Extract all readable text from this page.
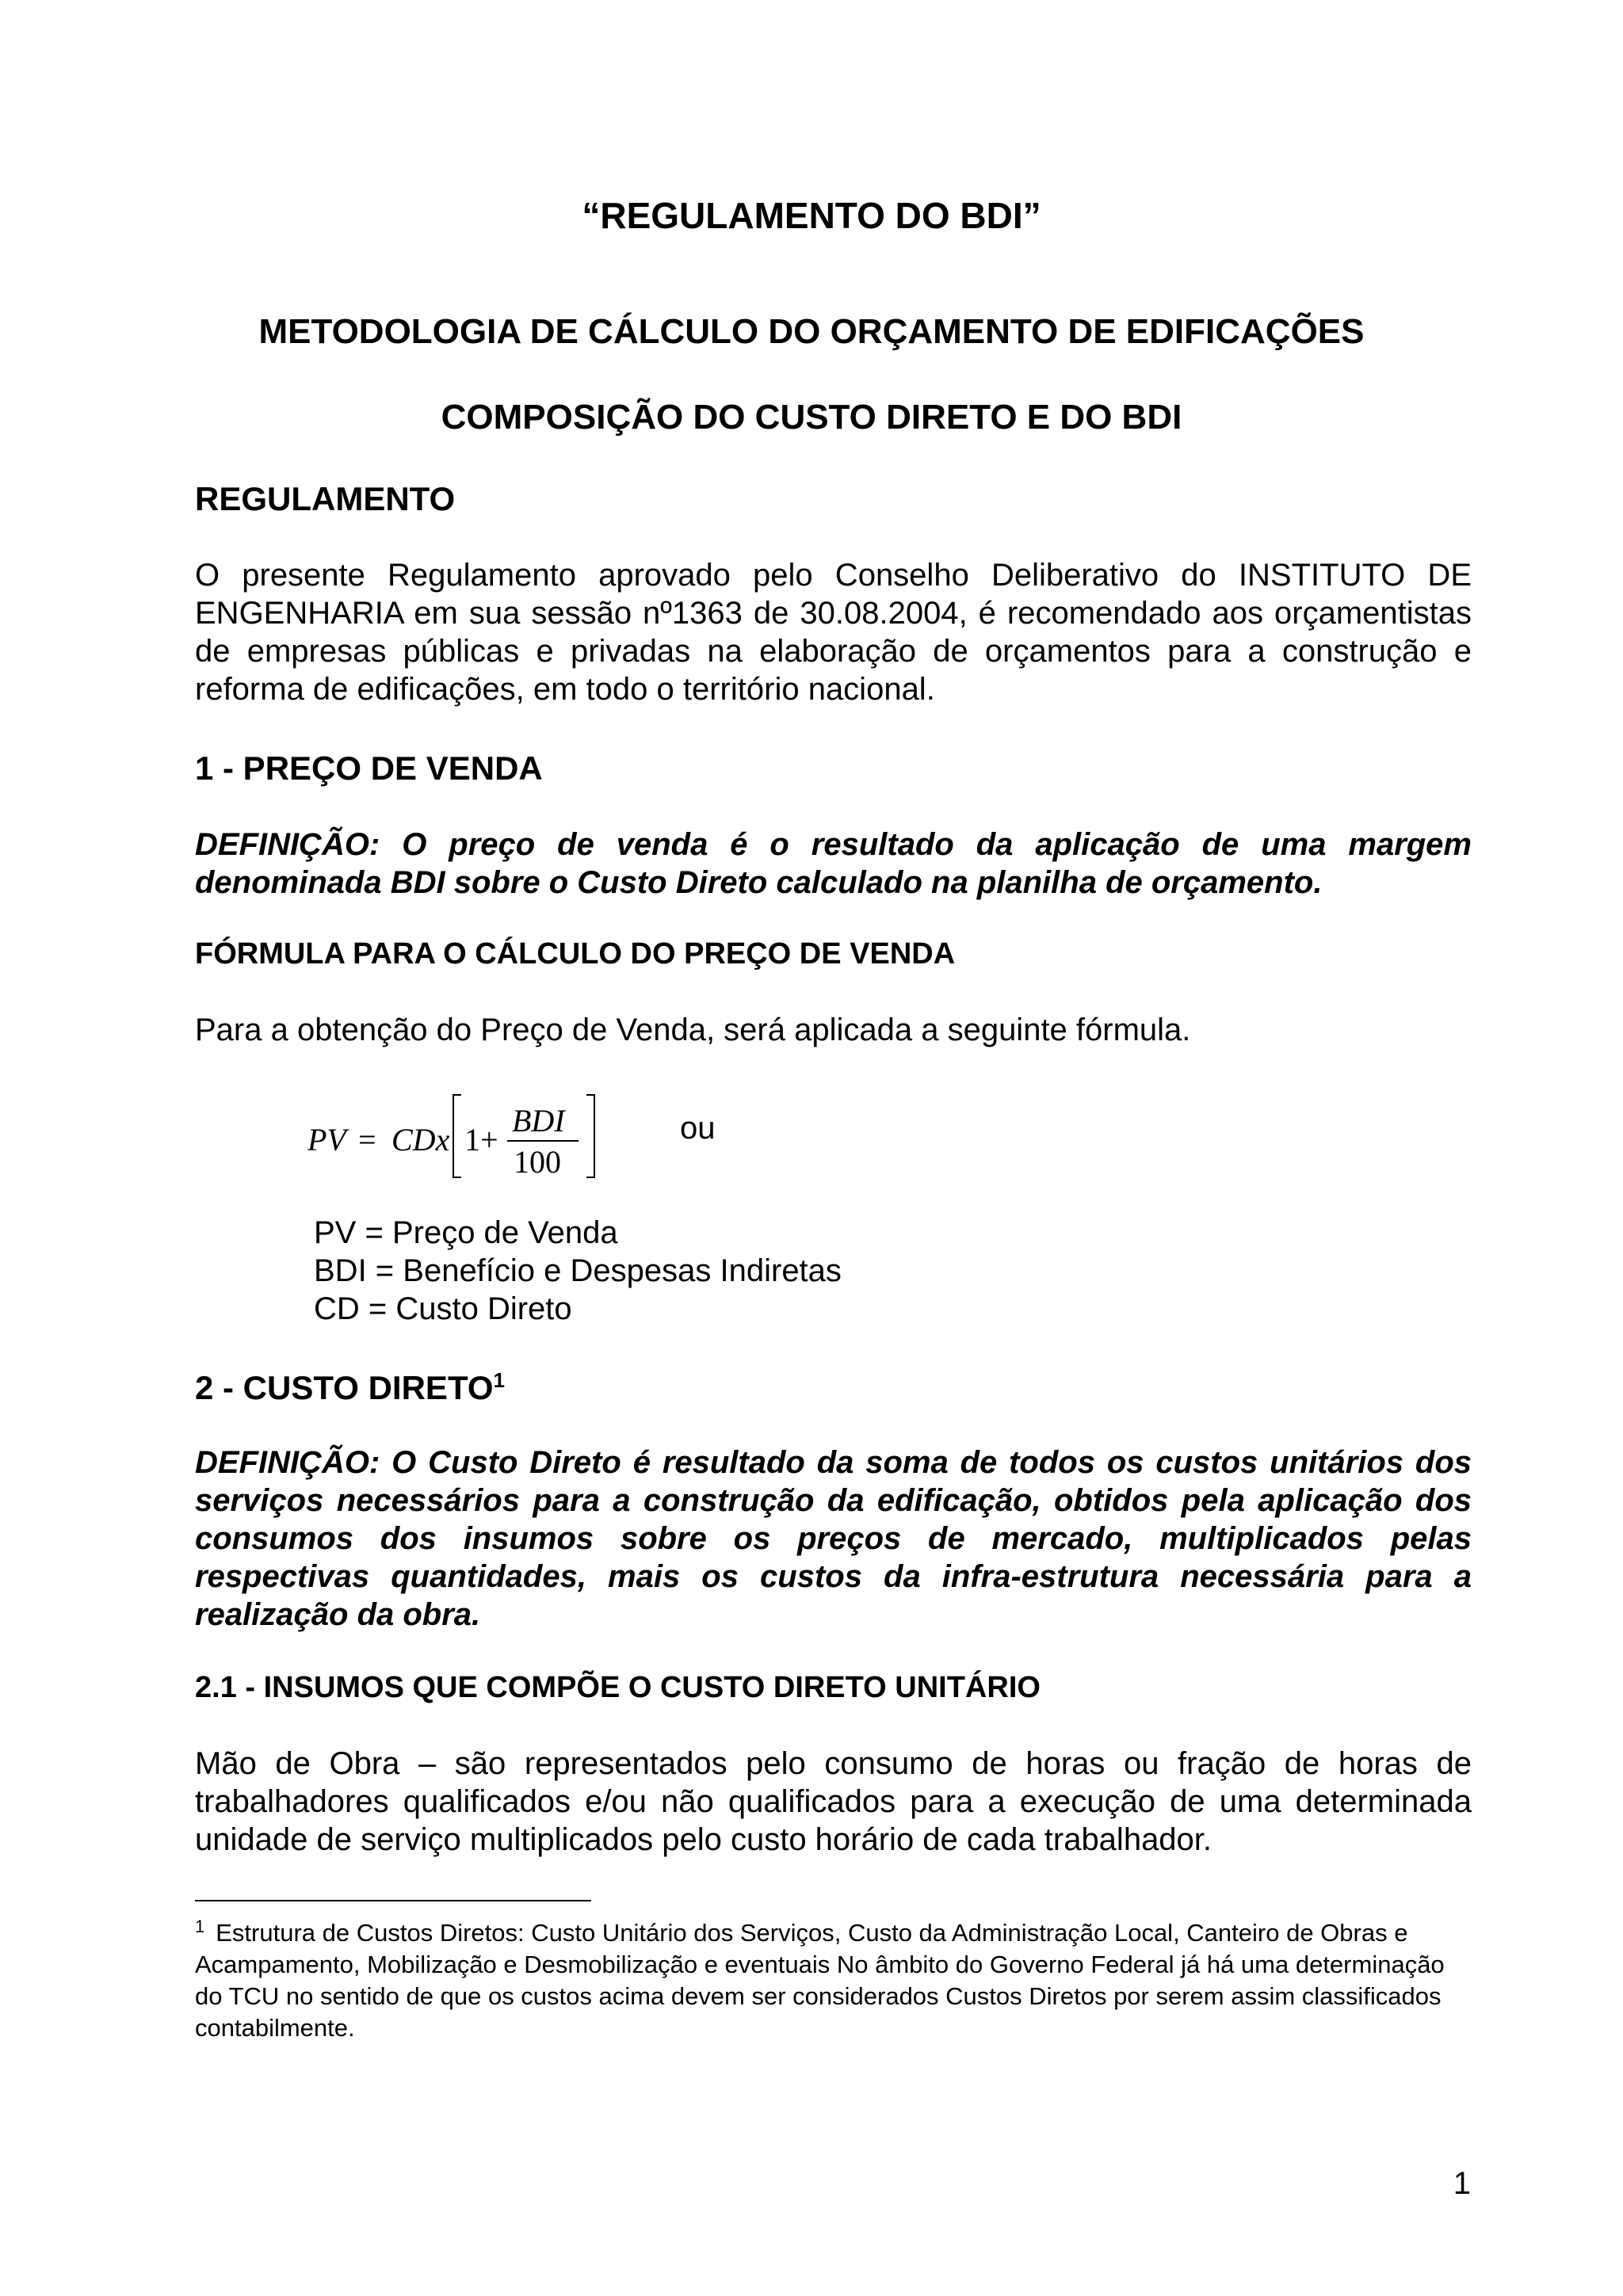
“REGULAMENTO DO BDI”
METODOLOGIA DE CÁLCULO DO ORÇAMENTO DE EDIFICAÇÕES
COMPOSIÇÃO DO CUSTO DIRETO E DO BDI
REGULAMENTO

O presente Regulamento aprovado pelo Conselho Deliberativo do INSTITUTO DE ENGENHARIA em sua sessão nº1363 de 30.08.2004, é recomendado aos orçamentistas de empresas públicas e privadas na elaboração de orçamentos para a construção e reforma de edificações, em todo o território nacional.

1 - PREÇO DE VENDA

DEFINIÇÃO: O preço de venda é o resultado da aplicação de uma margem denominada BDI sobre o Custo Direto calculado na planilha de orçamento.

FÓRMULA PARA O CÁLCULO DO PREÇO DE VENDA

Para a obtenção do Preço de Venda, será aplicada a seguinte fórmula.

PV = CDx 1+
BDI
100
ou
PV = Preço de Venda
BDI = Benefício e Despesas Indiretas
CD = Custo Direto
2 - CUSTO DIRETO$^1$

DEFINIÇÃO: O Custo Direto é resultado da soma de todos os custos unitários dos serviços necessários para a construção da edificação, obtidos pela aplicação dos consumos dos insumos sobre os preços de mercado, multiplicados pelas respectivas quantidades, mais os custos da infra-estrutura necessária para a realização da obra.

2.1 - INSUMOS QUE COMPÕE O CUSTO DIRETO UNITÁRIO

Mão de Obra – são representados pelo consumo de horas ou fração de horas de trabalhadores qualificados e/ou não qualificados para a execução de uma determinada unidade de serviço multiplicados pelo custo horário de cada trabalhador.

$^1$ Estrutura de Custos Diretos: Custo Unitário dos Serviços, Custo da Administração Local, Canteiro de Obras e Acampamento, Mobilização e Desmobilização e eventuais No âmbito do Governo Federal já há uma determinação do TCU no sentido de que os custos acima devem ser considerados Custos Diretos por serem assim classificados contabilmente.

1
